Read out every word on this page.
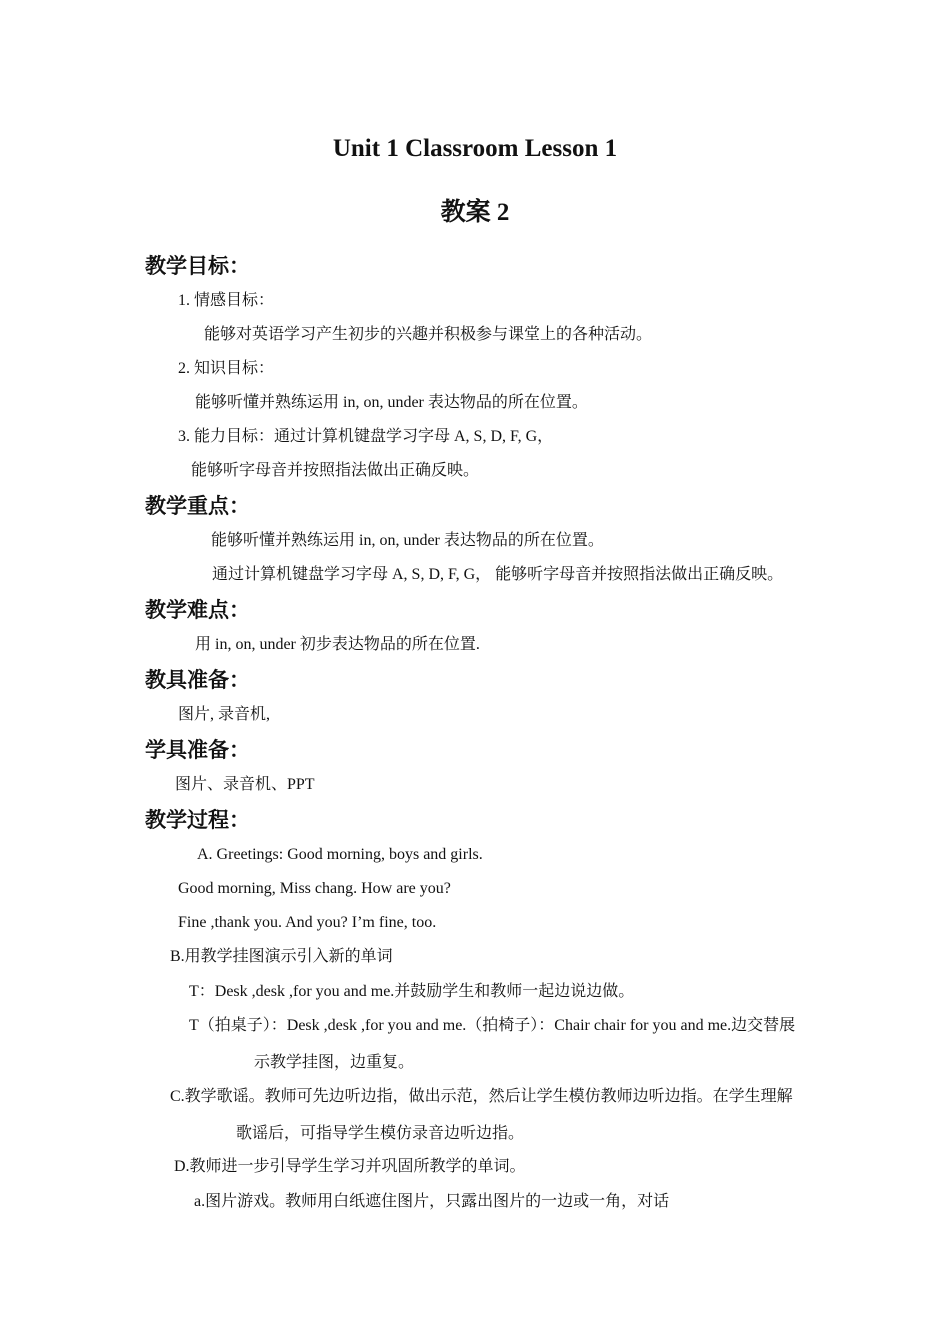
Unit 1 Classroom Lesson 1
教案 2
教学目标：
1. 情感目标：
能够对英语学习产生初步的兴趣并积极参与课堂上的各种活动。
2. 知识目标：
能够听懂并熟练运用 in, on, under 表达物品的所在位置。
3. 能力目标：通过计算机键盘学习字母 A, S, D, F, G，
能够听字母音并按照指法做出正确反映。
教学重点：
能够听懂并熟练运用 in, on, under 表达物品的所在位置。
通过计算机键盘学习字母 A, S, D, F, G， 能够听字母音并按照指法做出正确反映。
教学难点：
用 in, on, under 初步表达物品的所在位置.
教具准备：
图片, 录音机,
学具准备：
图片、录音机、PPT
教学过程：
A. Greetings: Good morning, boys and girls.
Good morning, Miss chang. How are you?
Fine ,thank you. And you? I’m fine, too.
B.用教学挂图演示引入新的单词
T：Desk ,desk ,for you and me.并鼓励学生和教师一起边说边做。
T（拍桌子）：Desk ,desk ,for you and me.（拍椅子）：Chair chair for you and me.边交替展
示教学挂图，边重复。
C.教学歌谣。教师可先边听边指，做出示范，然后让学生模仿教师边听边指。在学生理解
歌谣后，可指导学生模仿录音边听边指。
D.教师进一步引导学生学习并巩固所教学的单词。
a.图片游戏。教师用白纸遮住图片，只露出图片的一边或一角，对话
